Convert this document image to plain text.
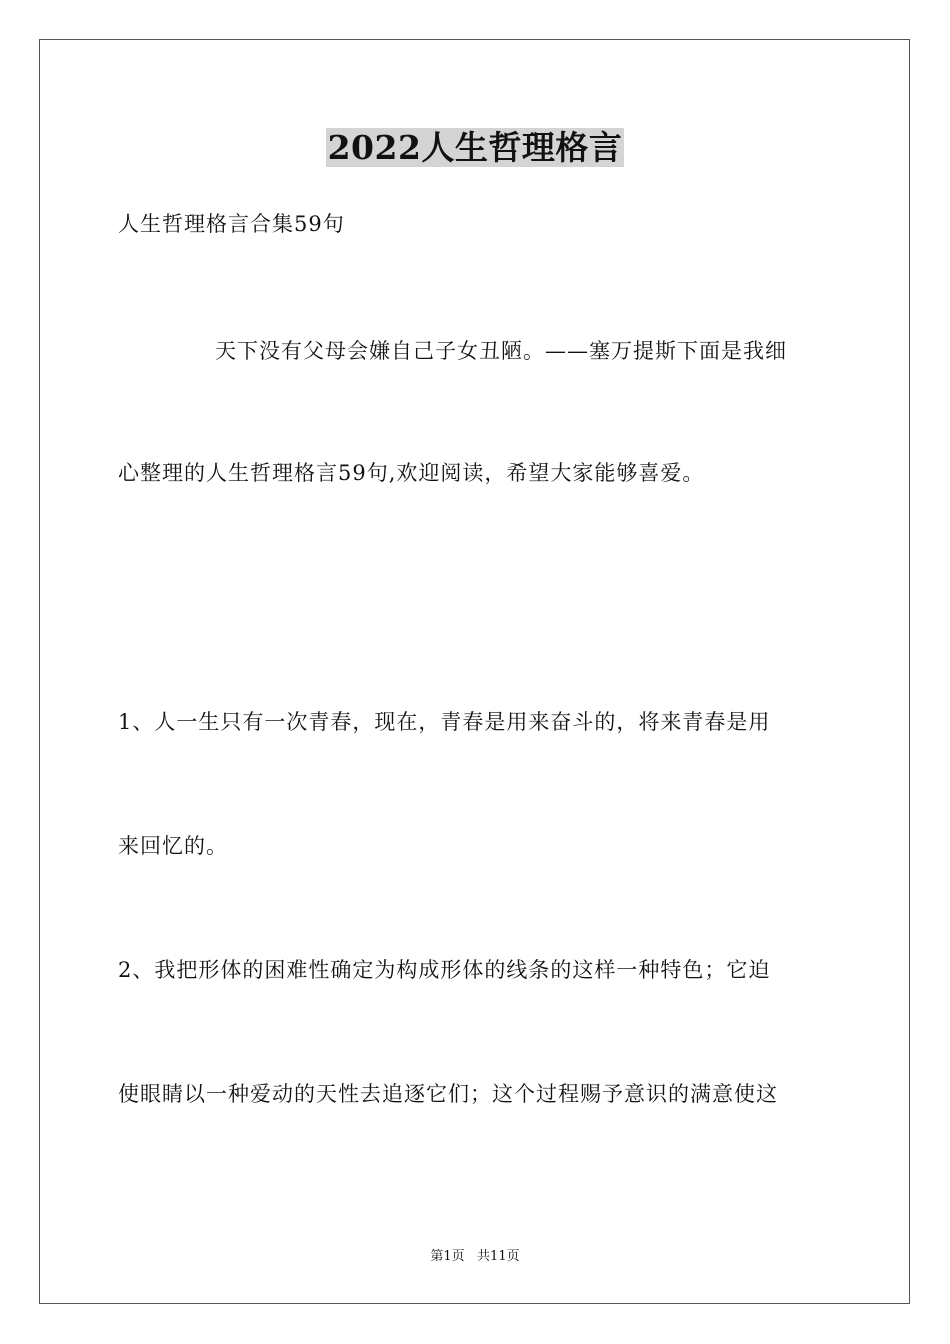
2022人生哲理格言

人生哲理格言合集59句

天下没有父母会嫌自己子女丑陋。——塞万提斯下面是我细

心整理的人生哲理格言59句,欢迎阅读，希望大家能够喜爱。

1、人一生只有一次青春，现在，青春是用来奋斗的，将来青春是用

来回忆的。

2、我把形体的困难性确定为构成形体的线条的这样一种特色；它迫

使眼睛以一种爱动的天性去追逐它们；这个过程赐予意识的满意使这

第1页   共11页
